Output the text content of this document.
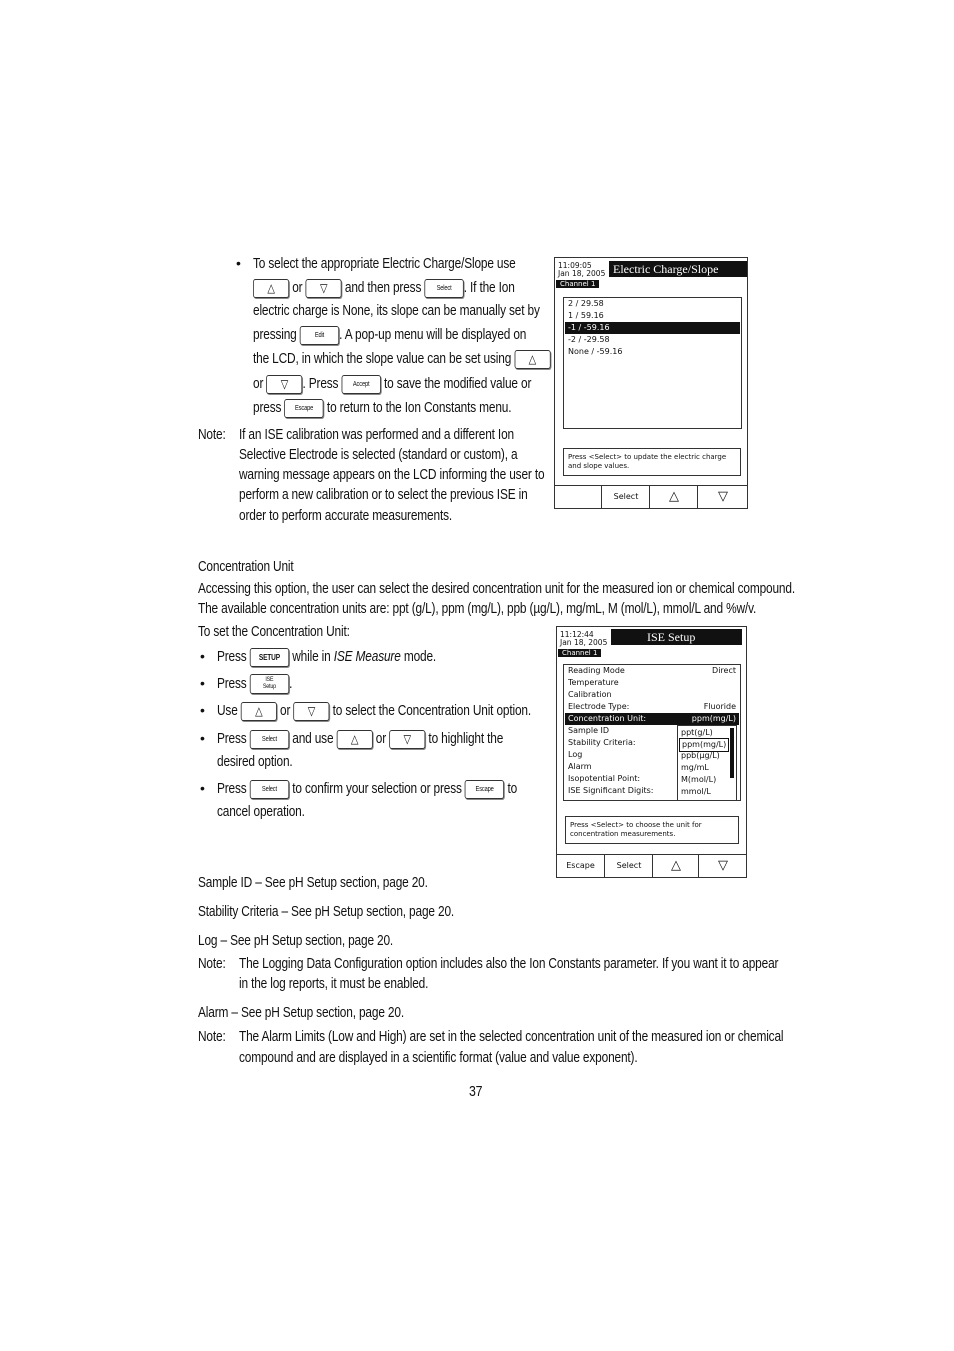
• To select the appropriate Electric Charge/Slope use
△ or ▽ and then press Select . If the Ion
electric charge is None, its slope can be manually set by
pressing	Edit . A pop-up menu will be displayed on
the LCD, in which the slope value can be set using △
or ▽ . Press Accept to save the modified value or
press Escape to return to the Ion Constants menu.
Note: If an ISE calibration was performed and a different Ion
Selective Electrode is selected (standard or custom), a
warning message appears on the LCD informing the user to
perform a new calibration or to select the previous ISE in
order to perform accurate measurements.
11:09:05
Jan 18, 2005 Electric Charge/Slope
Channel 1
2 / 29.58
1 / 59.16
-1 / -59.16
-2 / -29.58
None / -59.16
Press <Select> to update the electric charge and slope values.
Select	△	▽
Concentration Unit
Accessing this option, the user can select the desired concentration unit for the measured ion or chemical compound.
The available concentration units are: ppt (g/L), ppm (mg/L), ppb (µg/L), mg/mL, M (mol/L), mmol/L and %w/v.
To set the Concentration Unit:
• Press SETUP while in ISE Measure mode.
• Press	ISE
Setup .
• Use △ or ▽ to select the Concentration Unit option.
• Press Select and use △ or ▽ to highlight the
desired option.
• Press Select to confirm your selection or press Escape to
cancel operation.
11:12:44
Jan 18, 2005	ISE Setup
Channel 1
Reading Mode	Direct
Temperature
Calibration
Electrode Type:	Fluoride
Concentration Unit:	ppm(mg/L)
Sample ID
Stability Criteria:
Log
Alarm
Isopotential Point:
ISE Significant Digits:
ppt(g/L)
ppm(mg/L)
ppb(µg/L)
mg/mL
M(mol/L)
mmol/L
Press <Select> to choose the unit for concentration measurements.
Escape	Select	△	▽
Sample ID – See pH Setup section, page 20.
Stability Criteria – See pH Setup section, page 20.
Log – See pH Setup section, page 20.
Note: The Logging Data Configuration option includes also the Ion Constants parameter. If you want it to appear
in the log reports, it must be enabled.
Alarm – See pH Setup section, page 20.
Note: The Alarm Limits (Low and High) are set in the selected concentration unit of the measured ion or chemical
compound and are displayed in a scientific format (value and value exponent).
37
